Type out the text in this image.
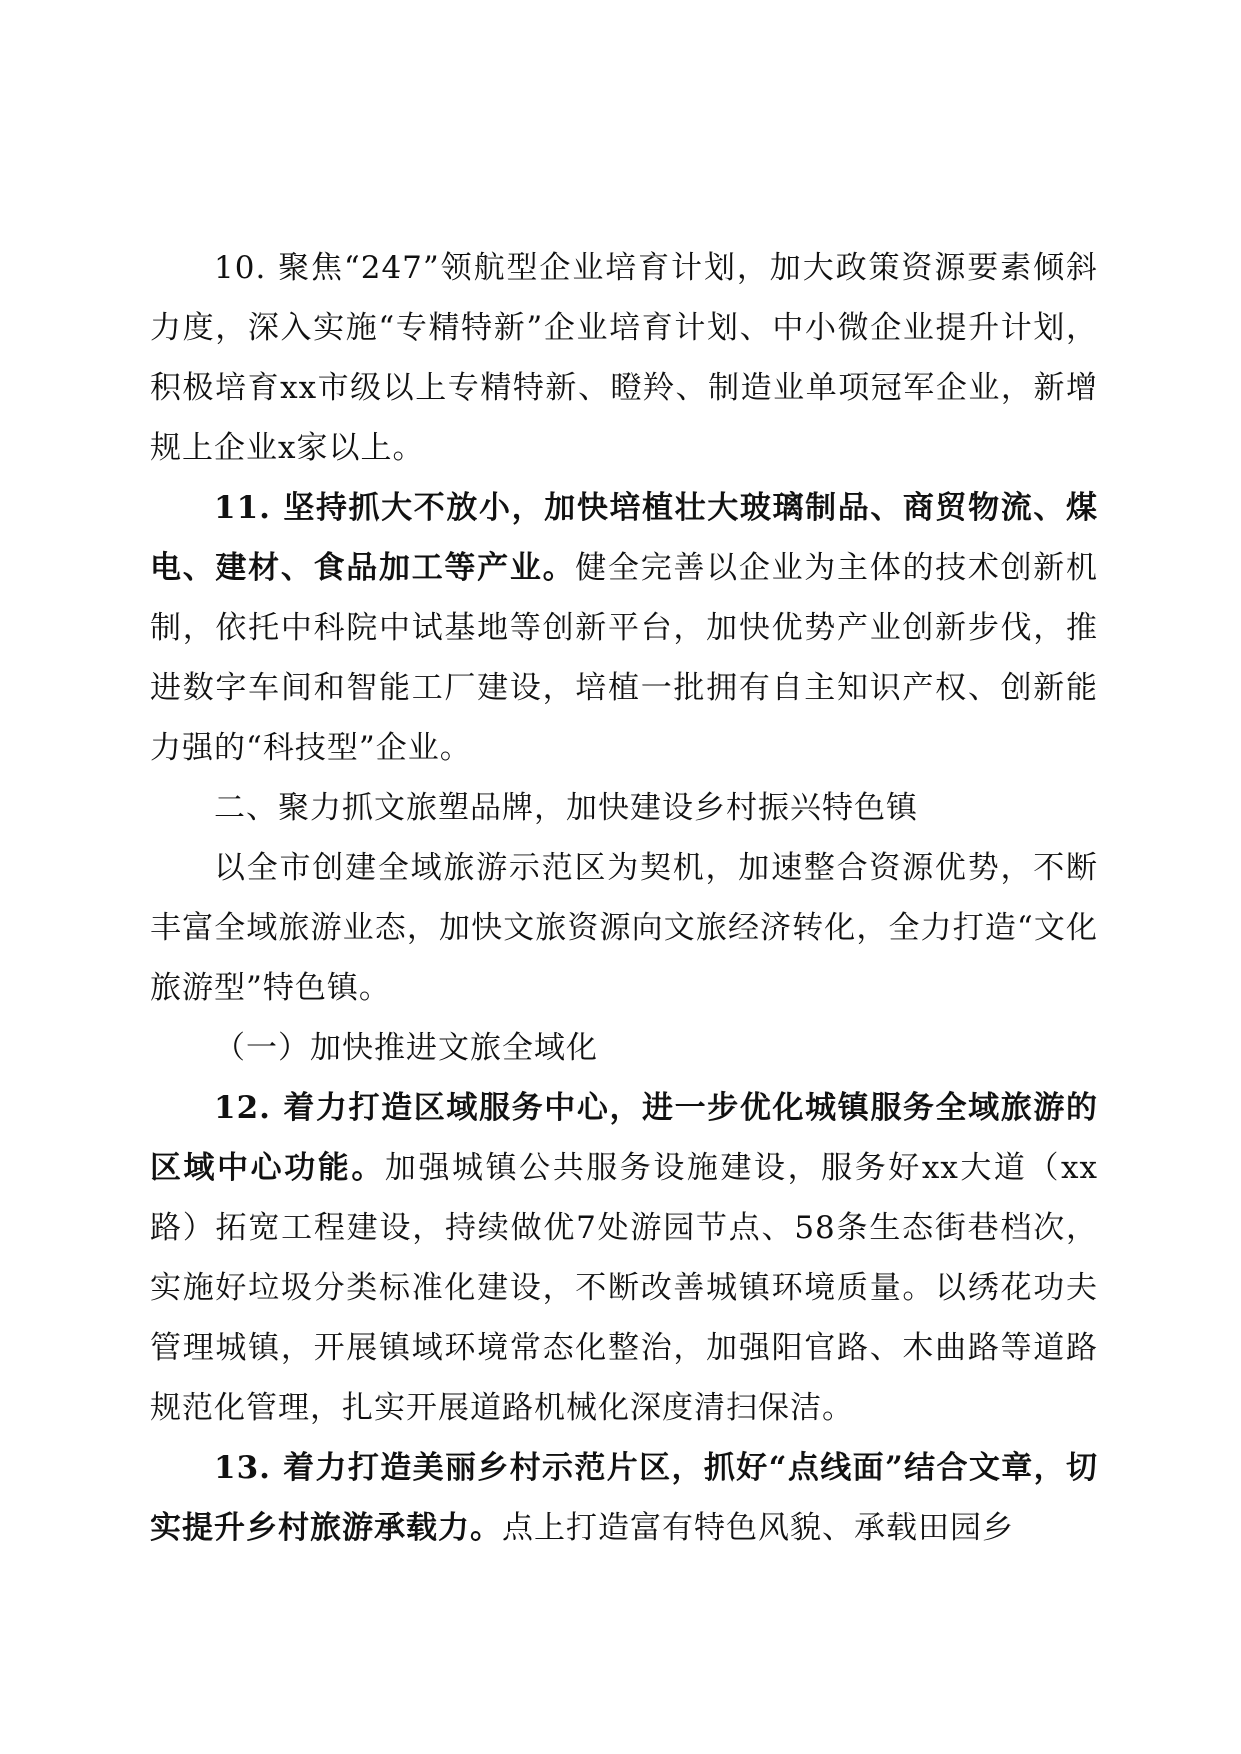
10. 聚焦“247”领航型企业培育计划，加大政策资源要素倾斜力度，深入实施“专精特新”企业培育计划、中小微企业提升计划，积极培育xx市级以上专精特新、瞪羚、制造业单项冠军企业，新增规上企业x家以上。

11. 坚持抓大不放小，加快培植壮大玻璃制品、商贸物流、煤电、建材、食品加工等产业。健全完善以企业为主体的技术创新机制，依托中科院中试基地等创新平台，加快优势产业创新步伐，推进数字车间和智能工厂建设，培植一批拥有自主知识产权、创新能力强的“科技型”企业。

二、聚力抓文旅塑品牌，加快建设乡村振兴特色镇

以全市创建全域旅游示范区为契机，加速整合资源优势，不断丰富全域旅游业态，加快文旅资源向文旅经济转化，全力打造“文化旅游型”特色镇。

（一）加快推进文旅全域化

12. 着力打造区域服务中心，进一步优化城镇服务全域旅游的区域中心功能。加强城镇公共服务设施建设，服务好xx大道（xx路）拓宽工程建设，持续做优7处游园节点、58条生态街巷档次，实施好垃圾分类标准化建设，不断改善城镇环境质量。以绣花功夫管理城镇，开展镇域环境常态化整治，加强阳官路、木曲路等道路规范化管理，扎实开展道路机械化深度清扫保洁。

13. 着力打造美丽乡村示范片区，抓好“点线面”结合文章，切实提升乡村旅游承载力。点上打造富有特色风貌、承载田园乡
